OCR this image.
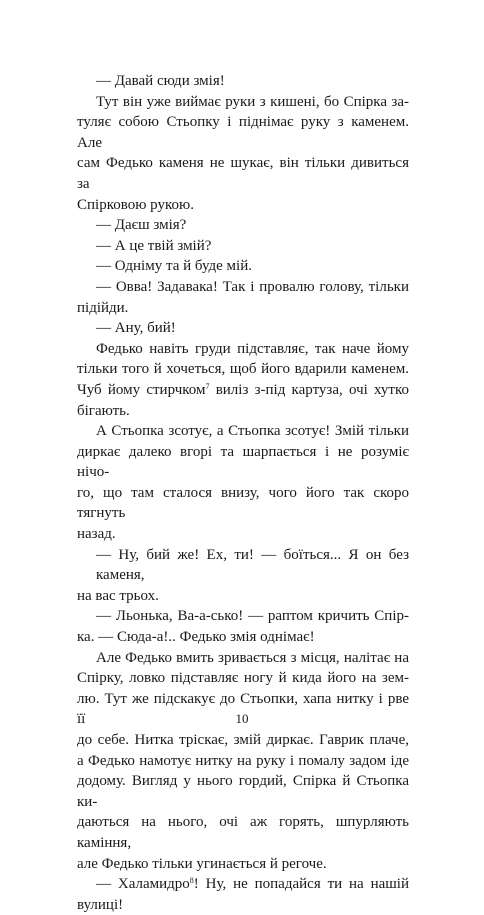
— Давай сюди змія!

Тут він уже виймає руки з кишені, бо Спірка за-
туляє собою Стьопку і піднімає руку з каменем. Але
сам Федько каменя не шукає, він тільки дивиться за
Спірковою рукою.

— Даєш змія?

— А це твій змій?

— Одніму та й буде мій.

— Овва! Задавака! Так і провалю голову, тільки
підійди.

— Ану, бий!

Федько навіть груди підставляє, так наче йому
тільки того й хочеться, щоб його вдарили каменем.
Чуб йому стирчком$^7$ виліз з-під картуза, очі хутко
бігають.

А Стьопка зсотує, а Стьопка зсотує! Змій тільки
диркає далеко вгорі та шарпається і не розуміє нічо-
го, що там сталося внизу, чого його так скоро тягнуть
назад.

— Ну, бий же! Ех, ти! — боїться... Я он без каменя,
на вас трьох.

— Льонька, Ва-а-сько! — раптом кричить Спір-
ка. — Сюда-а!.. Федько змія однімає!

Але Федько вмить зривається з місця, налітає на
Спірку, ловко підставляє ногу й кида його на зем-
лю. Тут же підскакує до Стьопки, хапа нитку і рве її
до себе. Нитка тріскає, змій диркає. Гаврик плаче,
а Федько намотує нитку на руку і помалу задом іде
додому. Вигляд у нього гордий, Спірка й Стьопка ки-
даються на нього, очі аж горять, шпурляють каміння,
але Федько тільки угинається й регоче.

— Халамидро$^8$! Ну, не попадайся ти на нашій
вулиці!

10
